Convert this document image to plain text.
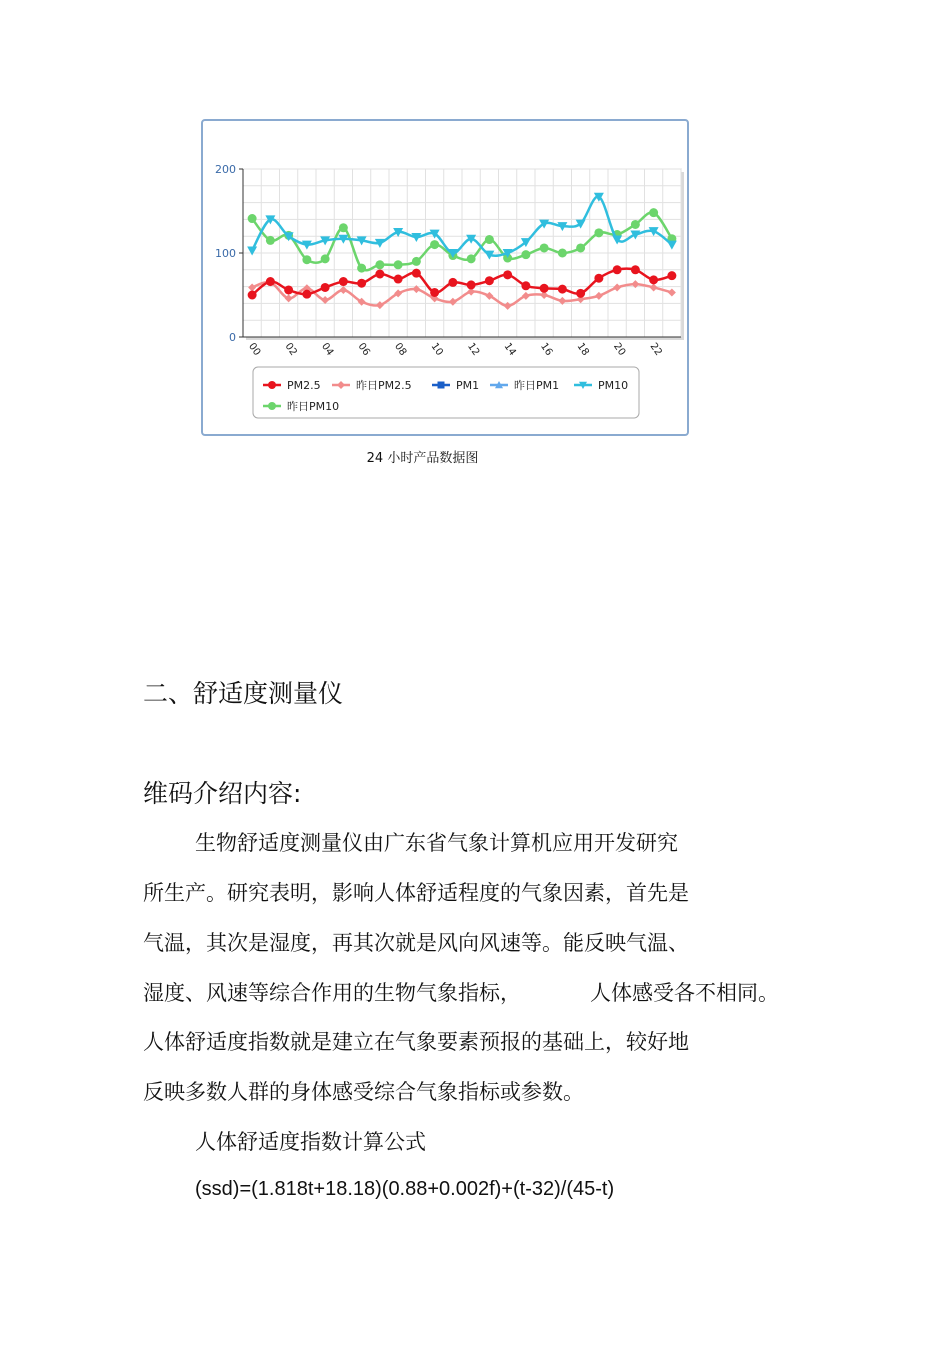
0
100
200
00 02 04 06 08 10 12 14 16 18 20 22
PM2.5	昨日PM2.5	PM1	昨日PM1	PM10
昨日PM10
24 小时产品数据图
二、舒适度测量仪
维码介绍内容:
生物舒适度测量仪由广东省气象计算机应用开发研究
所生产。研究表明，影响人体舒适程度的气象因素，首先是
气温，其次是湿度，再其次就是风向风速等。能反映气温、
湿度、风速等综合作用的生物气象指标，	人体感受各不相同。
人体舒适度指数就是建立在气象要素预报的基础上，较好地
反映多数人群的身体感受综合气象指标或参数。
人体舒适度指数计算公式
(ssd)=(1.818t+18.18)(0.88+0.002f)+(t-32)/(45-t)
